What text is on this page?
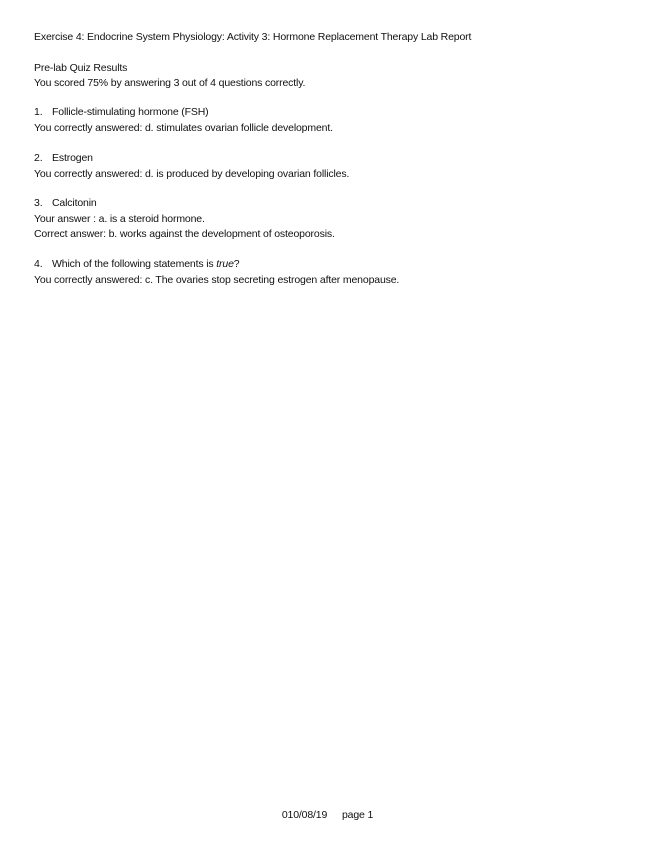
Exercise 4: Endocrine System Physiology: Activity 3: Hormone Replacement Therapy Lab Report
Pre-lab Quiz Results
You scored 75% by answering 3 out of 4 questions correctly.
1. Follicle-stimulating hormone (FSH)
You correctly answered: d. stimulates ovarian follicle development.
2. Estrogen
You correctly answered: d. is produced by developing ovarian follicles.
3. Calcitonin
Your answer : a. is a steroid hormone.
Correct answer: b. works against the development of osteoporosis.
4. Which of the following statements is true?
You correctly answered: c. The ovaries stop secreting estrogen after menopause.
010/08/19 page 1
